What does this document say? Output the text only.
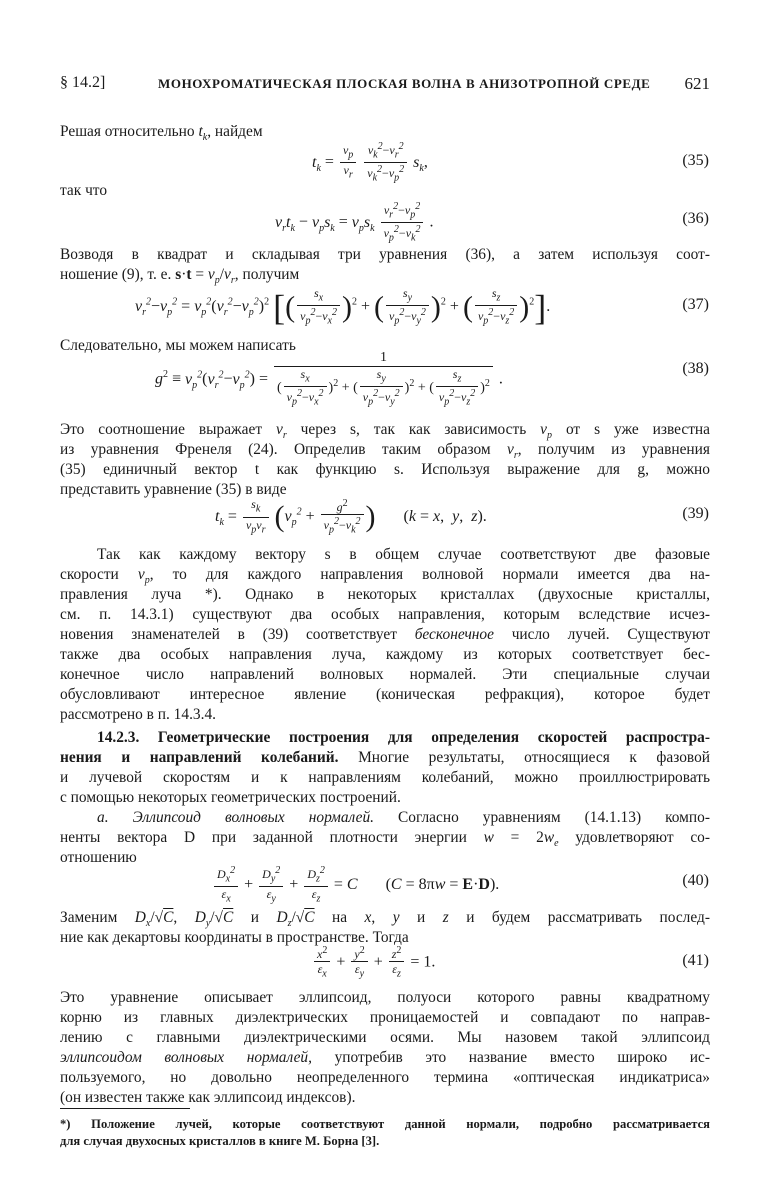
§ 14.2]	МОНОХРОМАТИЧЕСКАЯ ПЛОСКАЯ ВОЛНА В АНИЗОТРОПНОЙ СРЕДЕ 621
Решая относительно $t_k$, найдем
$t_k = \frac{v_p}{v_r}$
$\frac{v_k^2-v_r^2}{v_k^2-v_p^2} s_k$,	(35)
так что
$v_rt_k - v_ps_k = v_ps_k \frac{v_r^2-v_p^2}{v_p^2-v_k^2}$ .	(36)
Возводя в квадрат и складывая три уравнения (36), а затем используя соот-
ношение (9), т. е. $s\cdot t = v_p/v_r$, получим
$v_r^2-v_p^2 = v_p^2(v_r^2-v_p^2)^2$ [( $\frac{s_x}{v_p^2-v_x^2} )^2$ + ( $\frac{s_y}{v_p^2-v_y^2} )^2$ + ( $\frac{s_z}{v_p^2-v_z^2} )^2$].	(37)
Следовательно, мы можем написать
$g^2 \equiv v_p^2(v_r^2-v_p^2)$ =
1
( $\frac{s_x}{v_p^2-v_x^2} )^2$ + ( $\frac{s_y}{v_p^2-v_y^2} )^2$ + ( $\frac{s_z}{v_p^2-v_z^2} )^2$ .
(38)
Это соотношение выражает $v_r$ через s, так как зависимость $v_p$ от s уже известна
из уравнения Френеля (24). Определив таким образом $v_r$, получим из уравнения
(35) единичный вектор t как функцию s. Используя выражение для g, можно
представить уравнение (35) в виде
$t_k$ =
$s_k$
$v_pv_r$ ($v_p^2 + \frac{g^2}{v_p^2-v_k^2}$ )       (k = x,  y,  z).	(39)
Так как каждому вектору s в общем случае соответствуют две фазовые
скорости $v_p$, то для каждого направления волновой нормали имеется два на-
правления луча *). Однако в некоторых кристаллах (двухосные кристаллы,
см. п. 14.3.1) существуют два особых направления, которым вследствие исчез-
новения знаменателей в (39) соответствует бесконечное число лучей. Существуют
также два особых направления луча, каждому из которых соответствует бес-
конечное число направлений волновых нормалей. Эти специальные случаи
обусловливают интересное явление (коническая рефракция), которое будет
рассмотрено в п. 14.3.4.
14.2.3. Геометрические построения для определения скоростей распростра-
нения и направлений колебаний. Многие результаты, относящиеся к фазовой
и лучевой скоростям и к направлениям колебаний, можно проиллюстрировать
с помощью некоторых геометрических построений.
а. Эллипсоид волновых нормалей. Согласно уравнениям (14.1.13) компо-
ненты вектора D при заданной плотности энергии $w = 2w_e$ удовлетворяют со-
отношению
$\frac{D_x^2}{\varepsilon_x} + \frac{D_y^2}{\varepsilon_y} + \frac{D_z^2}{\varepsilon_z} = C$       (C = 8πw = E·D).	(40)
Заменим $D_x/√C$, $D_y/√C$ и $D_z/√C$ на x, y и z и будем рассматривать послед-
ние как декартовы координаты в пространстве. Тогда
$\frac{x^2}{\varepsilon_x} + \frac{y^2}{\varepsilon_y} + \frac{z^2}{\varepsilon_z} = 1$.	(41)
Это уравнение описывает эллипсоид, полуоси которого равны квадратному
корню из главных диэлектрических проницаемостей и совпадают по направ-
лению с главными диэлектрическими осями. Мы назовем такой эллипсоид
эллипсоидом волновых нормалей, употребив это название вместо широко ис-
пользуемого, но довольно неопределенного термина «оптическая индикатриса»
(он известен также как эллипсоид индексов).
*) Положение лучей, которые соответствуют данной нормали, подробно рассматривается
для случая двухосных кристаллов в книге М. Борна [3].
